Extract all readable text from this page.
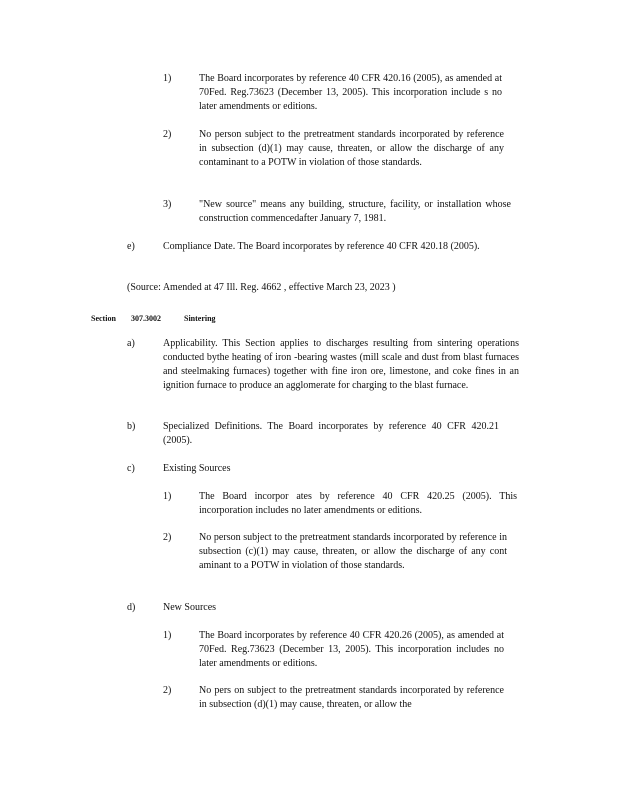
1)	The Board incorporates by reference 40 CFR 420.16 (2005), as amended at 70Fed. Reg.73623 (December 13, 2005). This incorporation include s no later amendments or editions.
2)	No person subject to the pretreatment standards incorporated by reference in subsection (d)(1) may cause, threaten, or allow the discharge of any contaminant to a POTW in violation of those standards.
3)	"New source" means any building, structure, facility, or installation whose construction commencedafter January 7, 1981.
e)	Compliance Date. The Board incorporates by reference 40 CFR 420.18 (2005).
(Source: Amended at 47 Ill. Reg. 4662 , effective March 23, 2023 )
Section 307.3002	Sintering
a)	Applicability. This Section applies to discharges resulting from sintering operations conducted bythe heating of iron -bearing wastes (mill scale and dust from blast furnaces and steelmaking furnaces) together with fine iron ore, limestone, and coke fines in an ignition furnace to produce an agglomerate for charging to the blast furnace.
b)	Specialized Definitions. The Board incorporates by reference 40 CFR 420.21 (2005).
c)	Existing Sources
1)	The Board incorpor ates by reference 40 CFR 420.25 (2005). This incorporation includes no later amendments or editions.
2)	No person subject to the pretreatment standards incorporated by reference in subsection (c)(1) may cause, threaten, or allow the discharge of any cont aminant to a POTW in violation of those standards.
d)	New Sources
1)	The Board incorporates by reference 40 CFR 420.26 (2005), as amended at 70Fed. Reg.73623 (December 13, 2005). This incorporation includes no later amendments or editions.
2)	No pers on subject to the pretreatment standards incorporated by reference in subsection (d)(1) may cause, threaten, or allow the
